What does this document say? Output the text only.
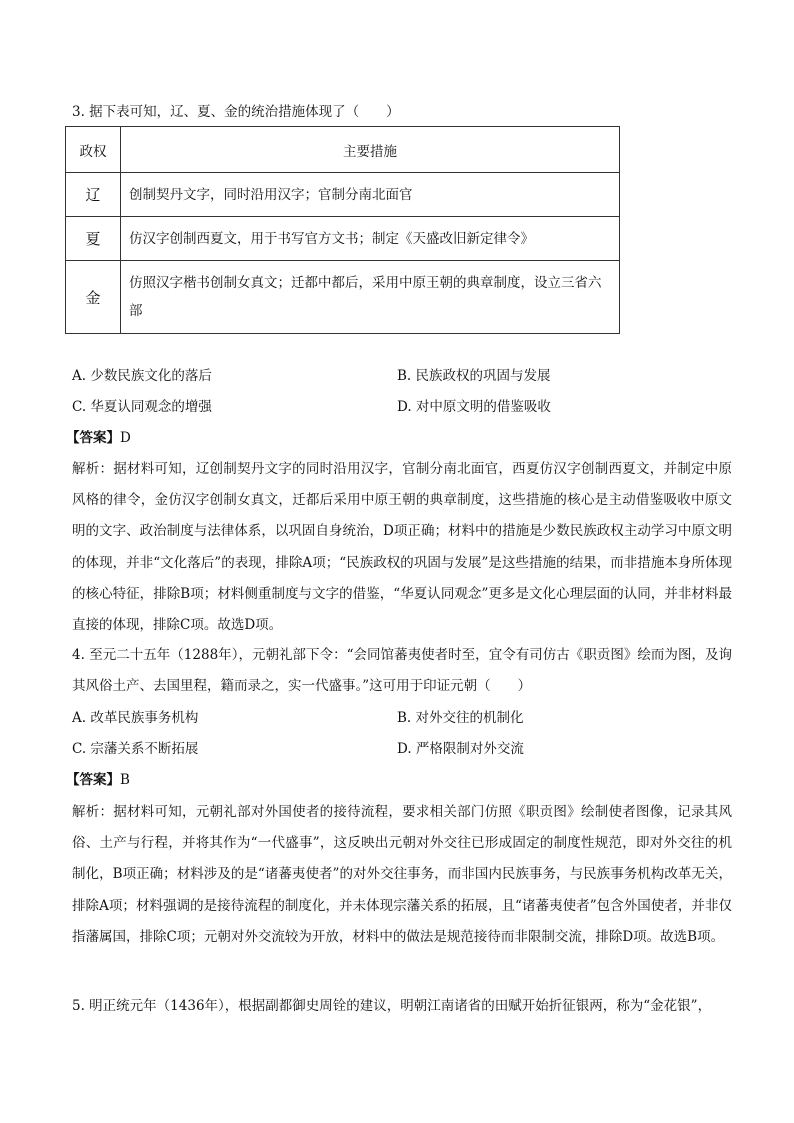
3. 据下表可知，辽、夏、金的统治措施体现了（　　）
政权	主要措施
辽	创制契丹文字，同时沿用汉字；官制分南北面官
夏	仿汉字创制西夏文，用于书写官方文书；制定《天盛改旧新定律令》
金	仿照汉字楷书创制女真文；迁都中都后，采用中原王朝的典章制度，设立三省六部
A. 少数民族文化的落后	B. 民族政权的巩固与发展
C. 华夏认同观念的增强	D. 对中原文明的借鉴吸收
【答案】D
解析：据材料可知，辽创制契丹文字的同时沿用汉字，官制分南北面官，西夏仿汉字创制西夏文，并制定中原风格的律令，金仿汉字创制女真文，迁都后采用中原王朝的典章制度，这些措施的核心是主动借鉴吸收中原文明的文字、政治制度与法律体系，以巩固自身统治，D项正确；材料中的措施是少数民族政权主动学习中原文明的体现，并非“文化落后”的表现，排除A项；“民族政权的巩固与发展”是这些措施的结果，而非措施本身所体现的核心特征，排除B项；材料侧重制度与文字的借鉴，“华夏认同观念”更多是文化心理层面的认同，并非材料最直接的体现，排除C项。故选D项。
4. 至元二十五年（1288年），元朝礼部下令：“会同馆蕃夷使者时至，宜令有司仿古《职贡图》绘而为图，及询其风俗土产、去国里程，籍而录之，实一代盛事。”这可用于印证元朝（　　）
A. 改革民族事务机构	B. 对外交往的机制化
C. 宗藩关系不断拓展	D. 严格限制对外交流
【答案】B
解析：据材料可知，元朝礼部对外国使者的接待流程，要求相关部门仿照《职贡图》绘制使者图像，记录其风俗、土产与行程，并将其作为“一代盛事”，这反映出元朝对外交往已形成固定的制度性规范，即对外交往的机制化，B项正确；材料涉及的是“诸蕃夷使者”的对外交往事务，而非国内民族事务，与民族事务机构改革无关，排除A项；材料强调的是接待流程的制度化，并未体现宗藩关系的拓展，且“诸蕃夷使者”包含外国使者，并非仅指藩属国，排除C项；元朝对外交流较为开放，材料中的做法是规范接待而非限制交流，排除D项。故选B项。
5. 明正统元年（1436年），根据副都御史周铨的建议，明朝江南诸省的田赋开始折征银两，称为“金花银”，
